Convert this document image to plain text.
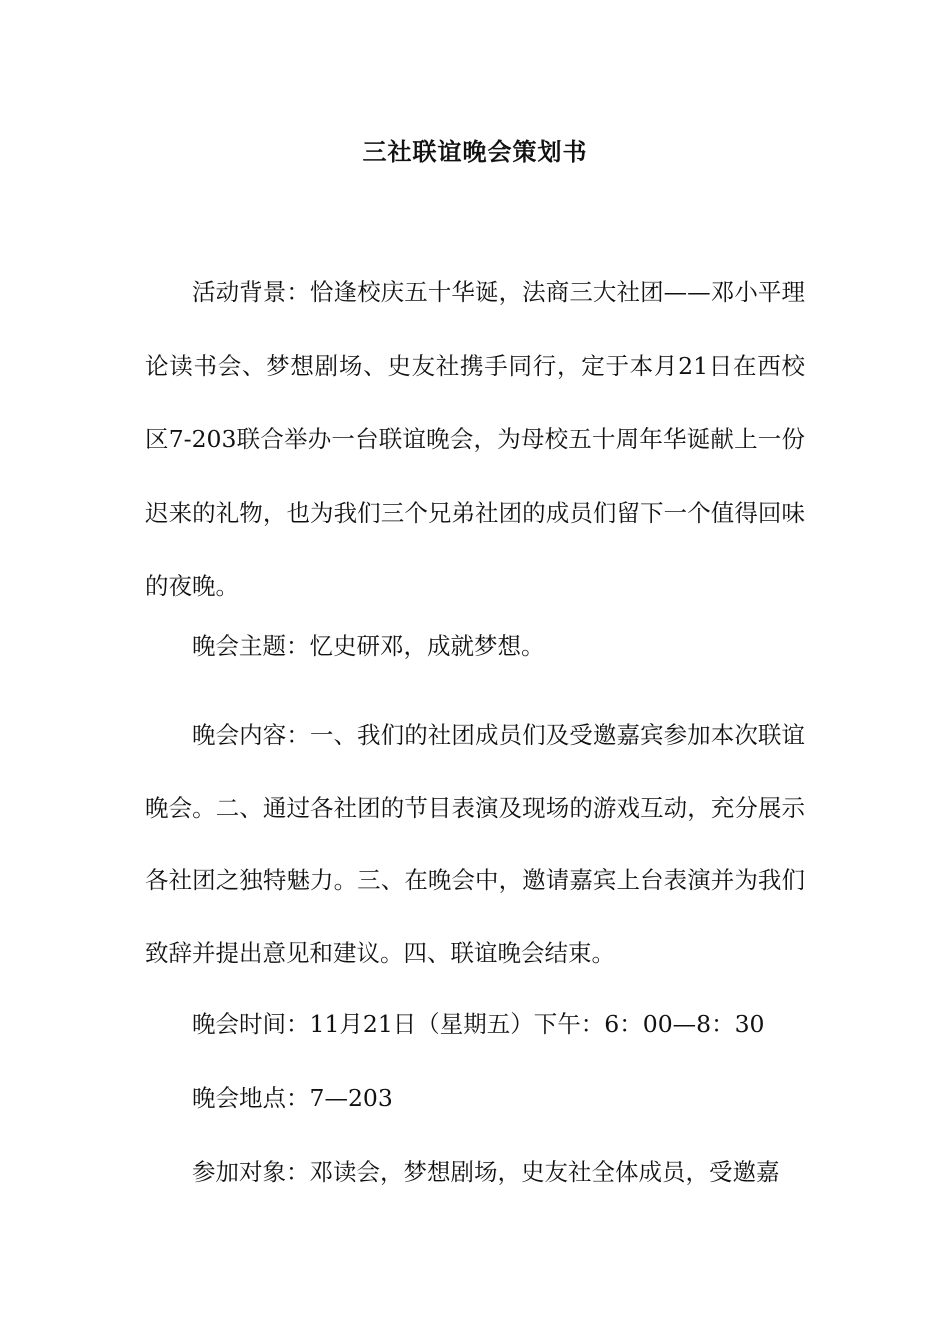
三社联谊晚会策划书

活动背景：恰逢校庆五十华诞，法商三大社团——邓小平理论读书会、梦想剧场、史友社携手同行，定于本月21日在西校区7-203联合举办一台联谊晚会，为母校五十周年华诞献上一份迟来的礼物，也为我们三个兄弟社团的成员们留下一个值得回味的夜晚。

晚会主题：忆史研邓，成就梦想。

晚会内容：一、我们的社团成员们及受邀嘉宾参加本次联谊晚会。二、通过各社团的节目表演及现场的游戏互动，充分展示各社团之独特魅力。三、在晚会中，邀请嘉宾上台表演并为我们致辞并提出意见和建议。四、联谊晚会结束。

晚会时间：11月21日（星期五）下午：6：00—8：30

晚会地点：7—203

参加对象：邓读会，梦想剧场，史友社全体成员，受邀嘉
